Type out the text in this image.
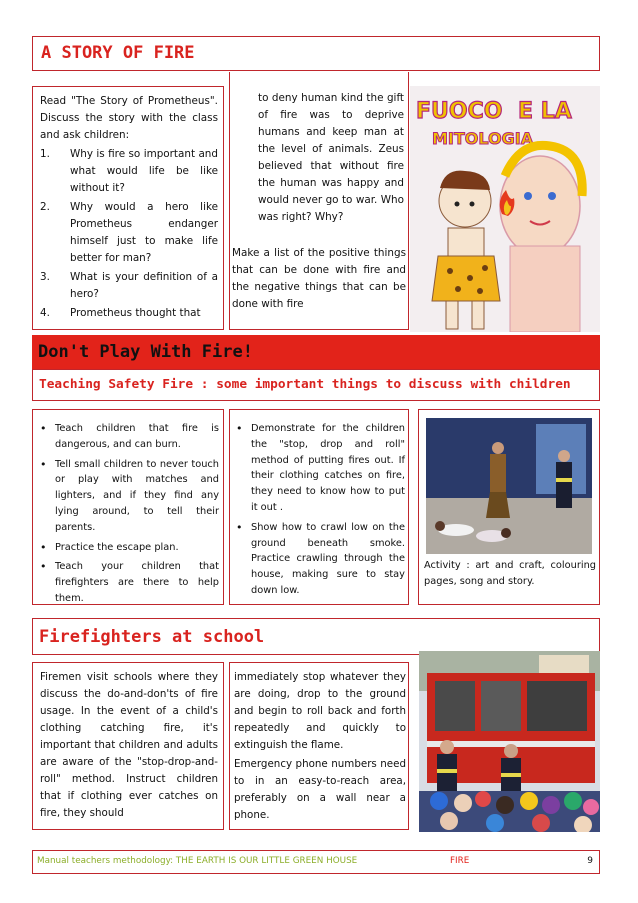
A STORY OF FIRE

Read "The Story of Prometheus". Discuss the story with the class and ask children:

1. Why is fire so important and what would life be like without it?
2. Why would a hero like Prometheus endanger himself just to make life better for man?
3. What is your definition of a hero?
4. Prometheus thought that

to deny human kind the gift of fire was to deprive humans and keep man at the level of animals. Zeus believed that without fire the human was happy and would never go to war. Who was right? Why?

Make a list of the positive things that can be done with fire and the negative things that can be done with fire

FUOCO E LA
MITOLOGIA
Don't Play With Fire!
Teaching Safety Fire : some important things to discuss with children
• Teach children that fire is dangerous, and can burn.
• Tell small children to never touch or play with matches and lighters, and if they find any lying around, to tell their parents.
• Practice the escape plan.
• Teach your children that firefighters are there to help them.
• Demonstrate for the children the "stop, drop and roll" method of putting fires out. If their clothing catches on fire, they need to know how to put it out .
• Show how to crawl low on the ground beneath smoke. Practice crawling through the house, making sure to stay down low.
Activity : art and craft, colouring pages, song and story.
Firefighters at school
Firemen visit schools where they discuss the do-and-don'ts of fire usage. In the event of a child's clothing catching fire, it's important that children and adults are aware of the "stop-drop-and-roll" method. Instruct children that if clothing ever catches on fire, they should

immediately stop whatever they are doing, drop to the ground and begin to roll back and forth repeatedly and quickly to extinguish the flame.

Emergency phone numbers need to in an easy-to-reach area, preferably on a wall near a phone.

Manual teachers methodology: THE EARTH IS OUR LITTLE GREEN HOUSE	FIRE	9
